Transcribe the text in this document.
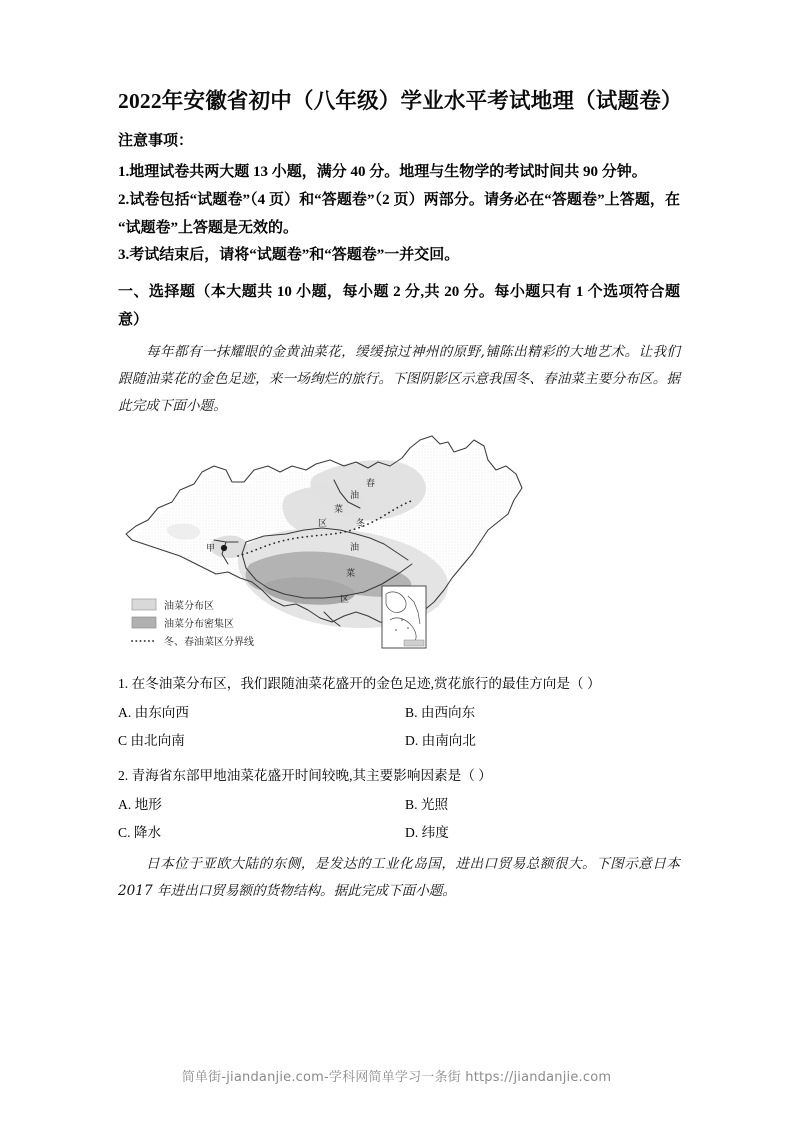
2022年安徽省初中（八年级）学业水平考试地理（试题卷）

注意事项：

1.地理试卷共两大题 13 小题，满分 40 分。地理与生物学的考试时间共 90 分钟。

2.试卷包括“试题卷”（4 页）和“答题卷”（2 页）两部分。请务必在“答题卷”上答题，在“试题卷”上答题是无效的。

3.考试结束后，请将“试题卷”和“答题卷”一并交回。

一、选择题（本大题共 10 小题，每小题 2 分,共 20 分。每小题只有 1 个选项符合题意）

每年都有一抹耀眼的金黄油菜花，缓缓掠过神州的原野,铺陈出精彩的大地艺术。让我们跟随油菜花的金色足迹，来一场绚烂的旅行。下图阴影区示意我国冬、春油菜主要分布区。据此完成下面小题。

甲
春
油
菜
区	冬
油
菜
区
油菜分布区
油菜分布密集区
冬、春油菜区分界线

1. 在冬油菜分布区，我们跟随油菜花盛开的金色足迹,赏花旅行的最佳方向是（ ）

A. 由东向西	B. 由西向东
C 由北向南	D. 由南向北

2. 青海省东部甲地油菜花盛开时间较晚,其主要影响因素是（ ）

A. 地形	B. 光照
C. 降水	D. 纬度

日本位于亚欧大陆的东侧，是发达的工业化岛国，进出口贸易总额很大。下图示意日本 2017 年进出口贸易额的货物结构。据此完成下面小题。

简单街-jiandanjie.com-学科网简单学习一条街 https://jiandanjie.com
